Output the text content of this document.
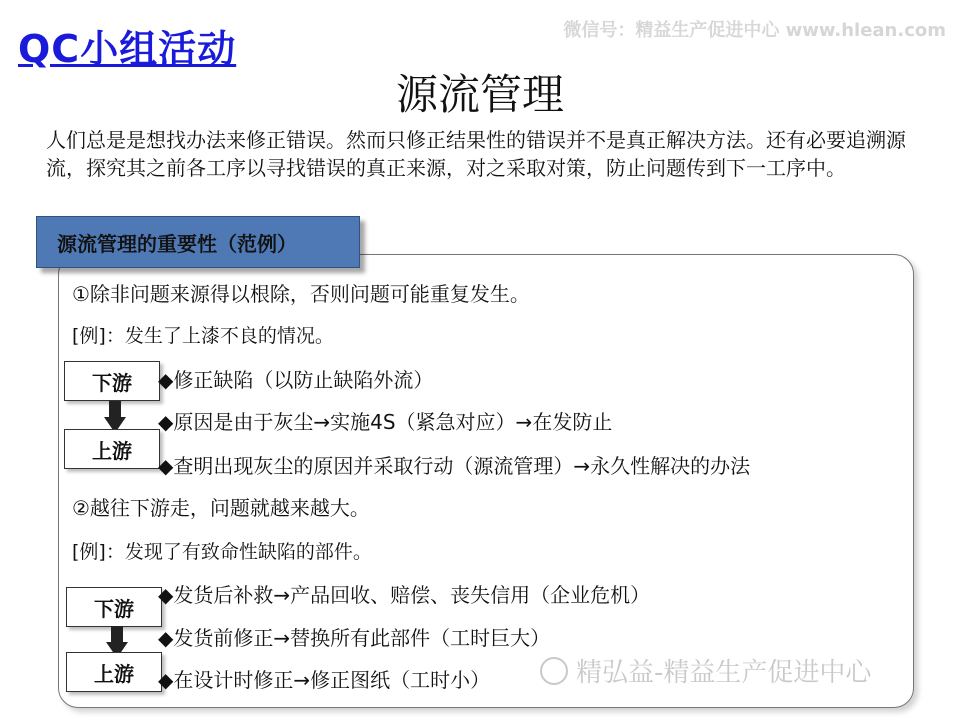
QC小组活动	微信号：精益生产促进中心 www.hlean.com
源流管理
人们总是是想找办法来修正错误。然而只修正结果性的错误并不是真正解决方法。还有必要追溯源流，探究其之前各工序以寻找错误的真正来源，对之采取对策，防止问题传到下一工序中。
源流管理的重要性（范例）
①除非问题来源得以根除，否则问题可能重复发生。
[例]：发生了上漆不良的情况。
下游
上游
◆修正缺陷（以防止缺陷外流）
◆原因是由于灰尘→实施4S（紧急对应）→在发防止
◆查明出现灰尘的原因并采取行动（源流管理）→永久性解决的办法
②越往下游走，问题就越来越大。
[例]：发现了有致命性缺陷的部件。
下游
上游
◆发货后补救→产品回收、赔偿、丧失信用（企业危机）
◆发货前修正→替换所有此部件（工时巨大）
◆在设计时修正→修正图纸（工时小）	精弘益-精益生产促进中心
